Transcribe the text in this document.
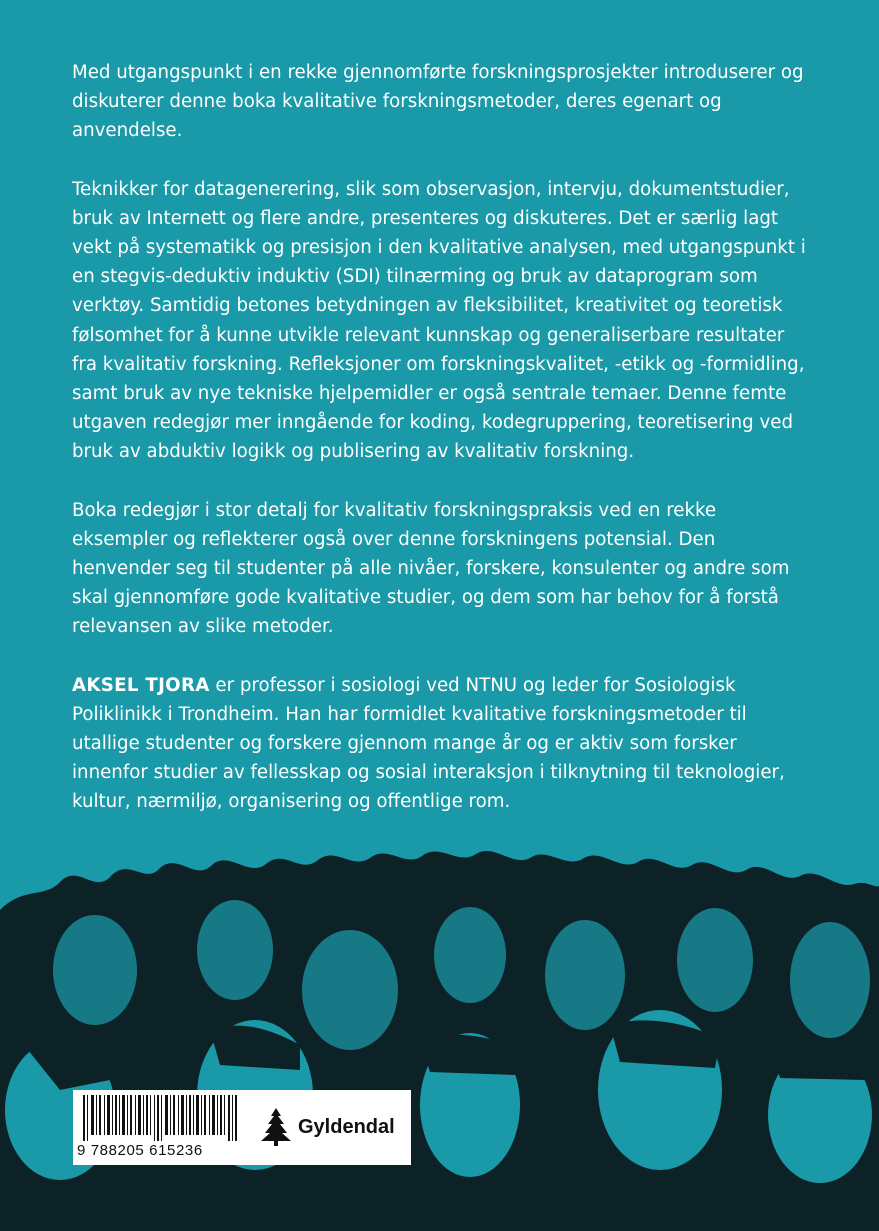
Med utgangspunkt i en rekke gjennomførte forskningsprosjekter introduserer og diskuterer denne boka kvalitative forskningsmetoder, deres egenart og anvendelse.

Teknikker for datagenerering, slik som observasjon, intervju, dokumentstudier, bruk av Internett og flere andre, presenteres og diskuteres. Det er særlig lagt vekt på systematikk og presisjon i den kvalitative analysen, med utgangspunkt i en stegvis-deduktiv induktiv (SDI) tilnærming og bruk av dataprogram som verktøy. Samtidig betones betydningen av fleksibilitet, kreativitet og teoretisk følsomhet for å kunne utvikle relevant kunnskap og generaliserbare resultater fra kvalitativ forskning. Refleksjoner om forskningskvalitet, -etikk og -formidling, samt bruk av nye tekniske hjelpemidler er også sentrale temaer. Denne femte utgaven redegjør mer inngående for koding, kodegruppering, teoretisering ved bruk av abduktiv logikk og publisering av kvalitativ forskning.

Boka redegjør i stor detalj for kvalitativ forskningspraksis ved en rekke eksempler og reflekterer også over denne forskningens potensial. Den henvender seg til studenter på alle nivåer, forskere, konsulenter og andre som skal gjennomføre gode kvalitative studier, og dem som har behov for å forstå relevansen av slike metoder.

AKSEL TJORA er professor i sosiologi ved NTNU og leder for Sosiologisk Poliklinikk i Trondheim. Han har formidlet kvalitative forskningsmetoder til utallige studenter og forskere gjennom mange år og er aktiv som forsker innenfor studier av fellesskap og sosial interaksjon i tilknytning til teknologier, kultur, nærmiljø, organisering og offentlige rom.

9 788205 615236
Gyldendal
